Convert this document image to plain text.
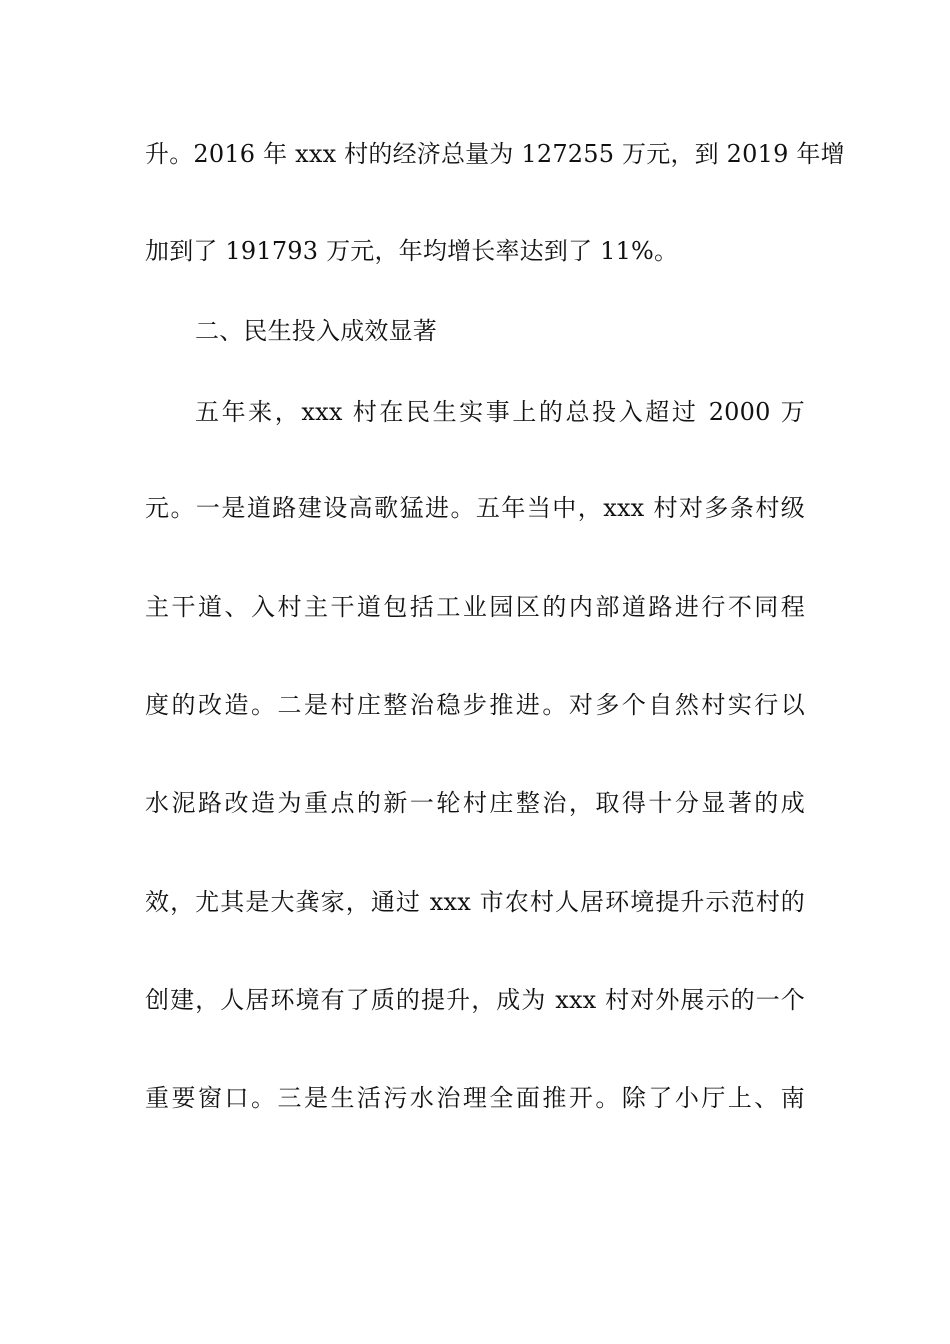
升。2016 年 xxx 村的经济总量为 127255 万元，到 2019 年增
加到了 191793 万元，年均增长率达到了 11%。
二、民生投入成效显著
五年来，xxx 村在民生实事上的总投入超过 2000 万
元。一是道路建设高歌猛进。五年当中，xxx 村对多条村级
主干道、入村主干道包括工业园区的内部道路进行不同程
度的改造。二是村庄整治稳步推进。对多个自然村实行以
水泥路改造为重点的新一轮村庄整治，取得十分显著的成
效，尤其是大龚家，通过 xxx 市农村人居环境提升示范村的
创建，人居环境有了质的提升，成为 xxx 村对外展示的一个
重要窗口。三是生活污水治理全面推开。除了小厅上、南
